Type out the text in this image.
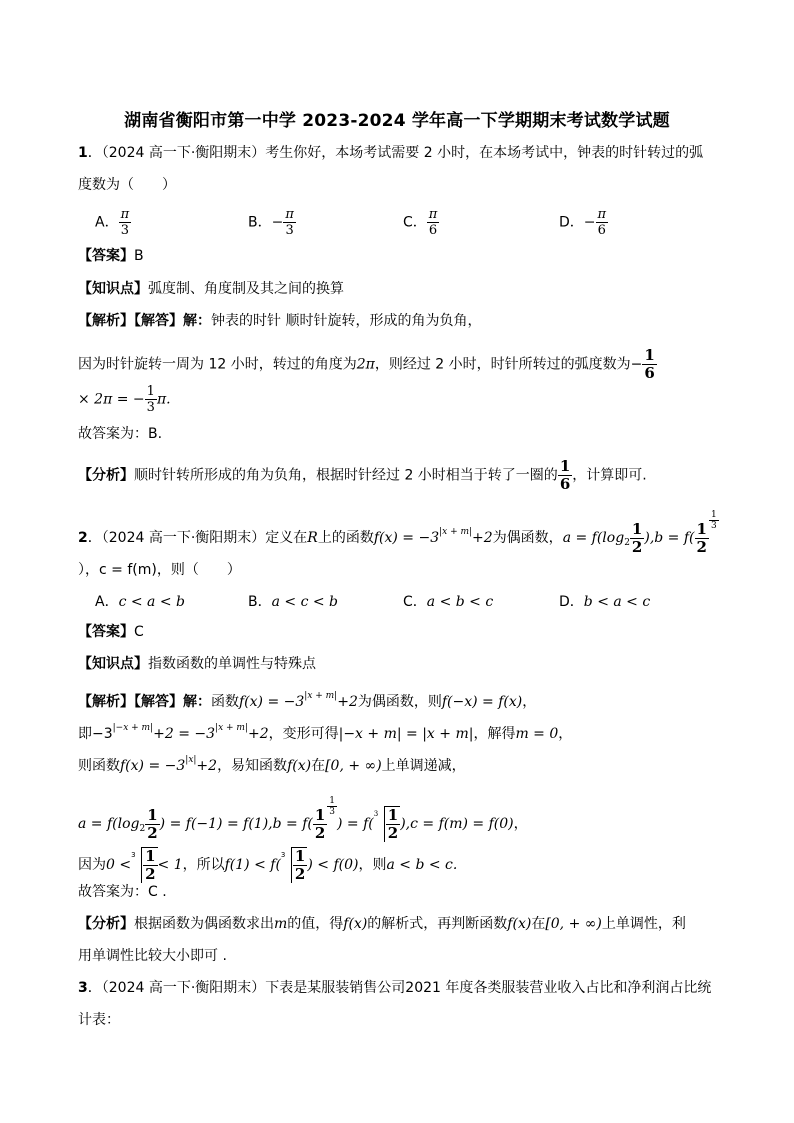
湖南省衡阳市第一中学 2023-2024 学年高一下学期期末考试数学试题
1．（2024 高一下·衡阳期末）考生你好，本场考试需要 2 小时，在本场考试中，钟表的时针转过的弧
度数为（　　）
A． $\frac{\pi}{3}$	B．− $\frac{\pi}{3}$	C． $\frac{\pi}{6}$	D．− $\frac{\pi}{6}$
【答案】B
【知识点】弧度制、角度制及其之间的换算
【解析】【解答】解：钟表的时针 顺时针旋转，形成的角为负角，
因为时针旋转一周为 12 小时，转过的角度为2π，则经过 2 小时，时针所转过的弧度数为− $\frac{1}{6}$
× 2π = − $\frac{1}{3} \pi$.
故答案为：B.
【分析】顺时针转所形成的角为负角，根据时针经过 2 小时相当于转了一圈的 $\frac{1}{6}$ ，计算即可.
2．（2024 高一下·衡阳期末）定义在R上的函数$f(x) = -3^{|x + m|}+2$为偶函数，$a = f(\log_2 \frac{1}{2} ),b = f( \frac{1}{2} \frac{1}{3}$
），c = f(m)，则（　　）
A．c < a < b	B．a < c < b	C．a < b < c	D．b < a < c
【答案】C
【知识点】指数函数的单调性与特殊点
【解析】【解答】解：函数$f(x) = -3^{|x + m|}+2$为偶函数，则f(−x) = f(x)，
即$-3^{|-x + m|}+2 = -3^{|x + m|}+2$，变形可得|−x + m| = |x + m|，解得m = 0，
则函数$f(x) = -3^{|x|}+2$，易知函数f(x)在[0, + ∞)上单调递减，
$a = f(\log_2 \frac{1}{2}$ ) = $f(-1) = f(1),b = f( \frac{1}{2} \frac{1}{3}$
) = f(
$3 \frac{1}{2} ),c = f(m) = f(0)$，
因为0 <
$3 \frac{1}{2} < 1$，所以f(1) < f(
$3 \frac{1}{2}$ ) < f(0)，则a < b < c.
故答案为：C .
【分析】根据函数为偶函数求出m的值，得f(x)的解析式，再判断函数f(x)在[0, + ∞)上单调性，利
用单调性比较大小即可 .
3．（2024 高一下·衡阳期末）下表是某服装销售公司2021 年度各类服装营业收入占比和净利润占比统
计表：
